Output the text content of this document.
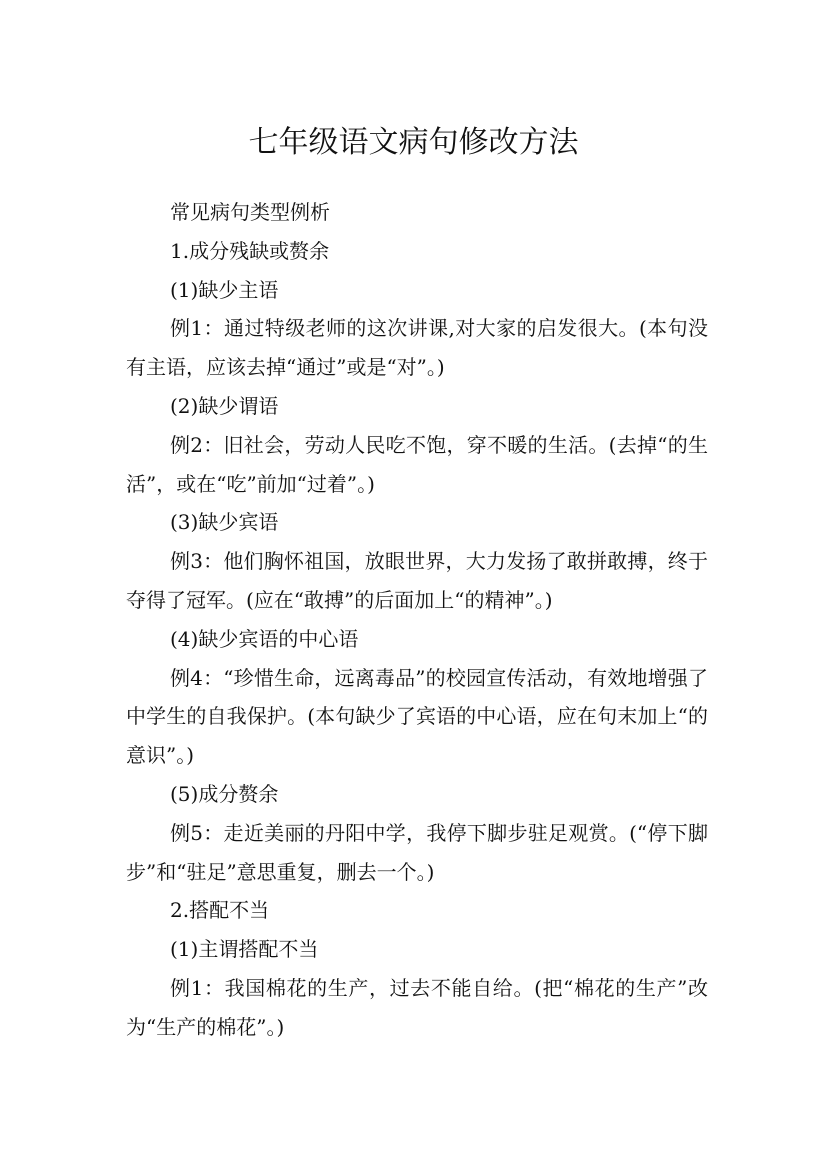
七年级语文病句修改方法

常见病句类型例析

1.成分残缺或赘余

(1)缺少主语

例1：通过特级老师的这次讲课,对大家的启发很大。(本句没有主语，应该去掉“通过”或是“对”。)

(2)缺少谓语

例2：旧社会，劳动人民吃不饱，穿不暖的生活。(去掉“的生活”，或在“吃”前加“过着”。)

(3)缺少宾语

例3：他们胸怀祖国，放眼世界，大力发扬了敢拼敢搏，终于夺得了冠军。(应在“敢搏”的后面加上“的精神”。)

(4)缺少宾语的中心语

例4：“珍惜生命，远离毒品”的校园宣传活动，有效地增强了中学生的自我保护。(本句缺少了宾语的中心语，应在句末加上“的意识”。)

(5)成分赘余

例5：走近美丽的丹阳中学，我停下脚步驻足观赏。(“停下脚步”和“驻足”意思重复，删去一个。)

2.搭配不当

(1)主谓搭配不当

例1：我国棉花的生产，过去不能自给。(把“棉花的生产”改为“生产的棉花”。)
